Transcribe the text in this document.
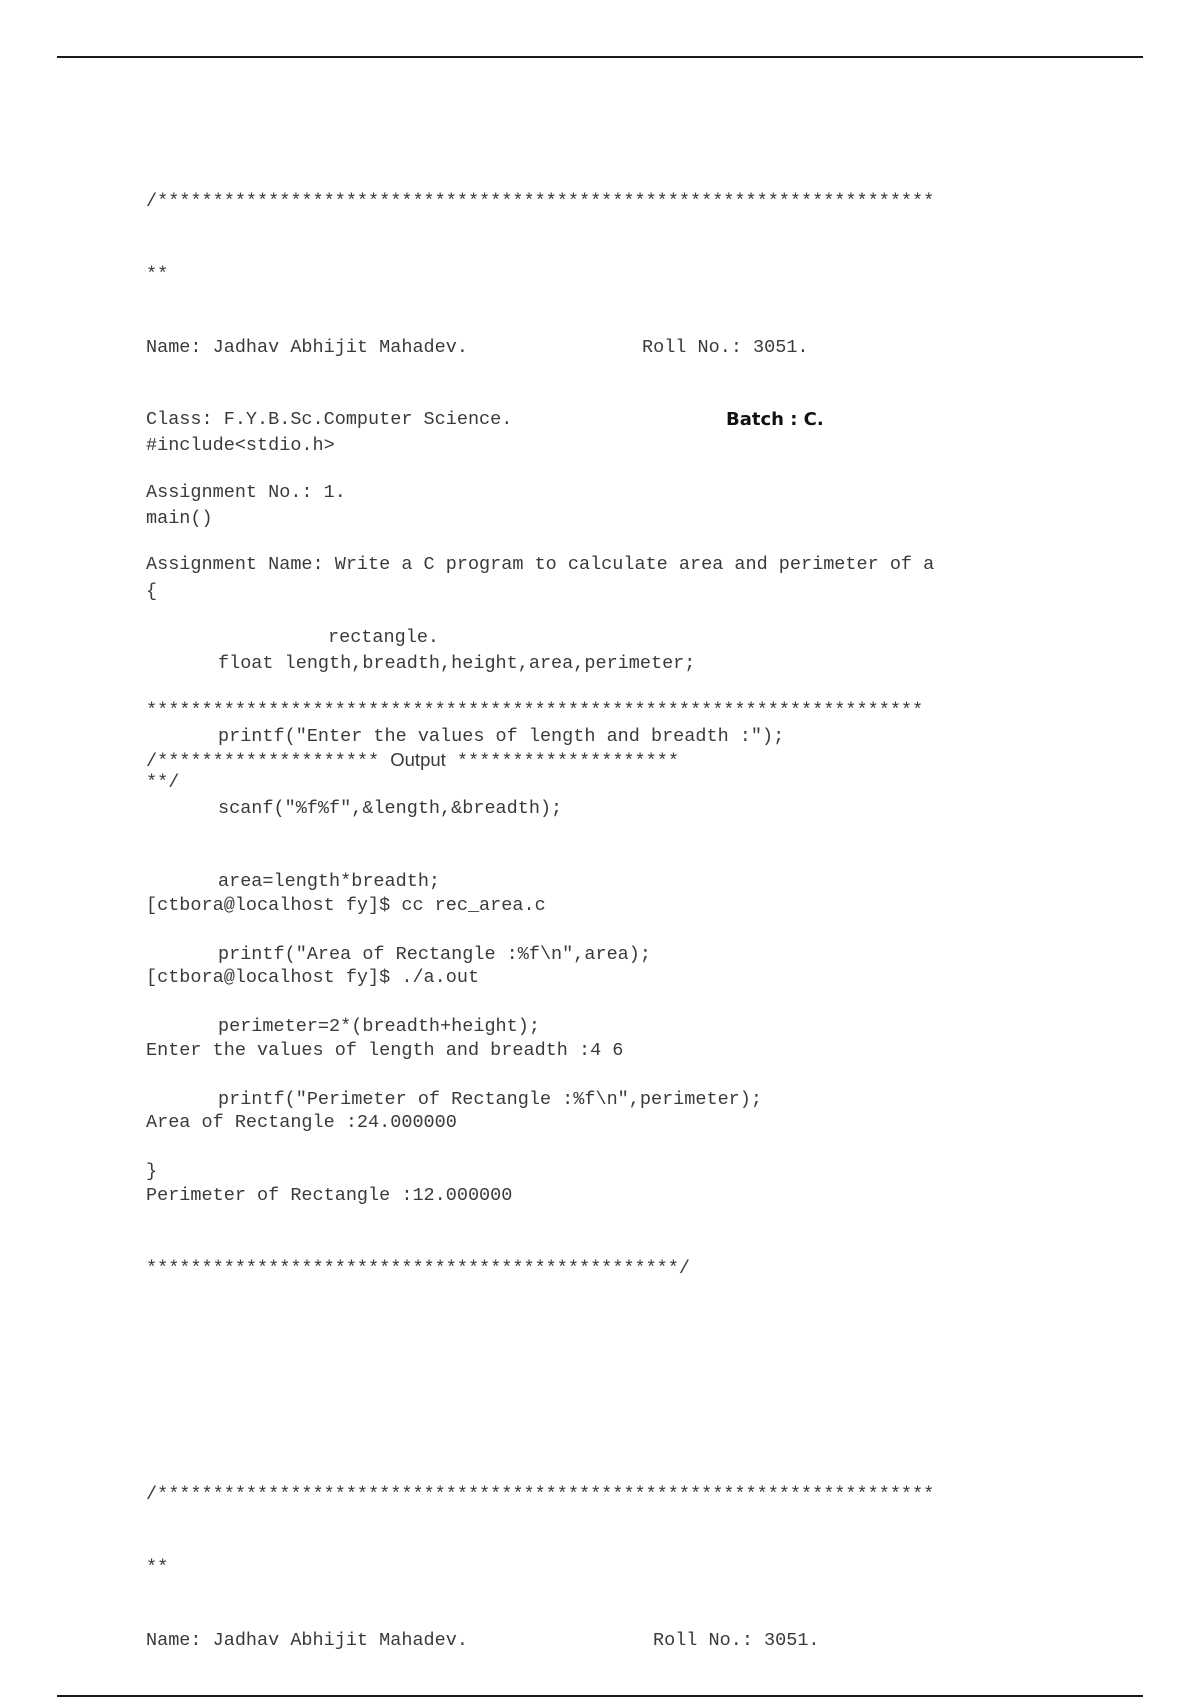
/**********************************************************************

**

Name: Jadhav Abhijit Mahadev.	Roll No.: 3051.

Class: F.Y.B.Sc.Computer Science.	Batch : C.

Assignment No.: 1.

Assignment Name: Write a C program to calculate area and perimeter of a

rectangle.

**********************************************************************

**/

#include<stdio.h>

main()

{

float length,breadth,height,area,perimeter;

printf("Enter the values of length and breadth :");

scanf("%f%f",&length,&breadth);

area=length*breadth;

printf("Area of Rectangle :%f\n",area);

perimeter=2*(breadth+height);

printf("Perimeter of Rectangle :%f\n",perimeter);

}

/******************** Output ********************

[ctbora@localhost fy]$ cc rec_area.c

[ctbora@localhost fy]$ ./a.out

Enter the values of length and breadth :4 6

Area of Rectangle :24.000000

Perimeter of Rectangle :12.000000

************************************************/

/**********************************************************************

**

Name: Jadhav Abhijit Mahadev.	Roll No.: 3051.
